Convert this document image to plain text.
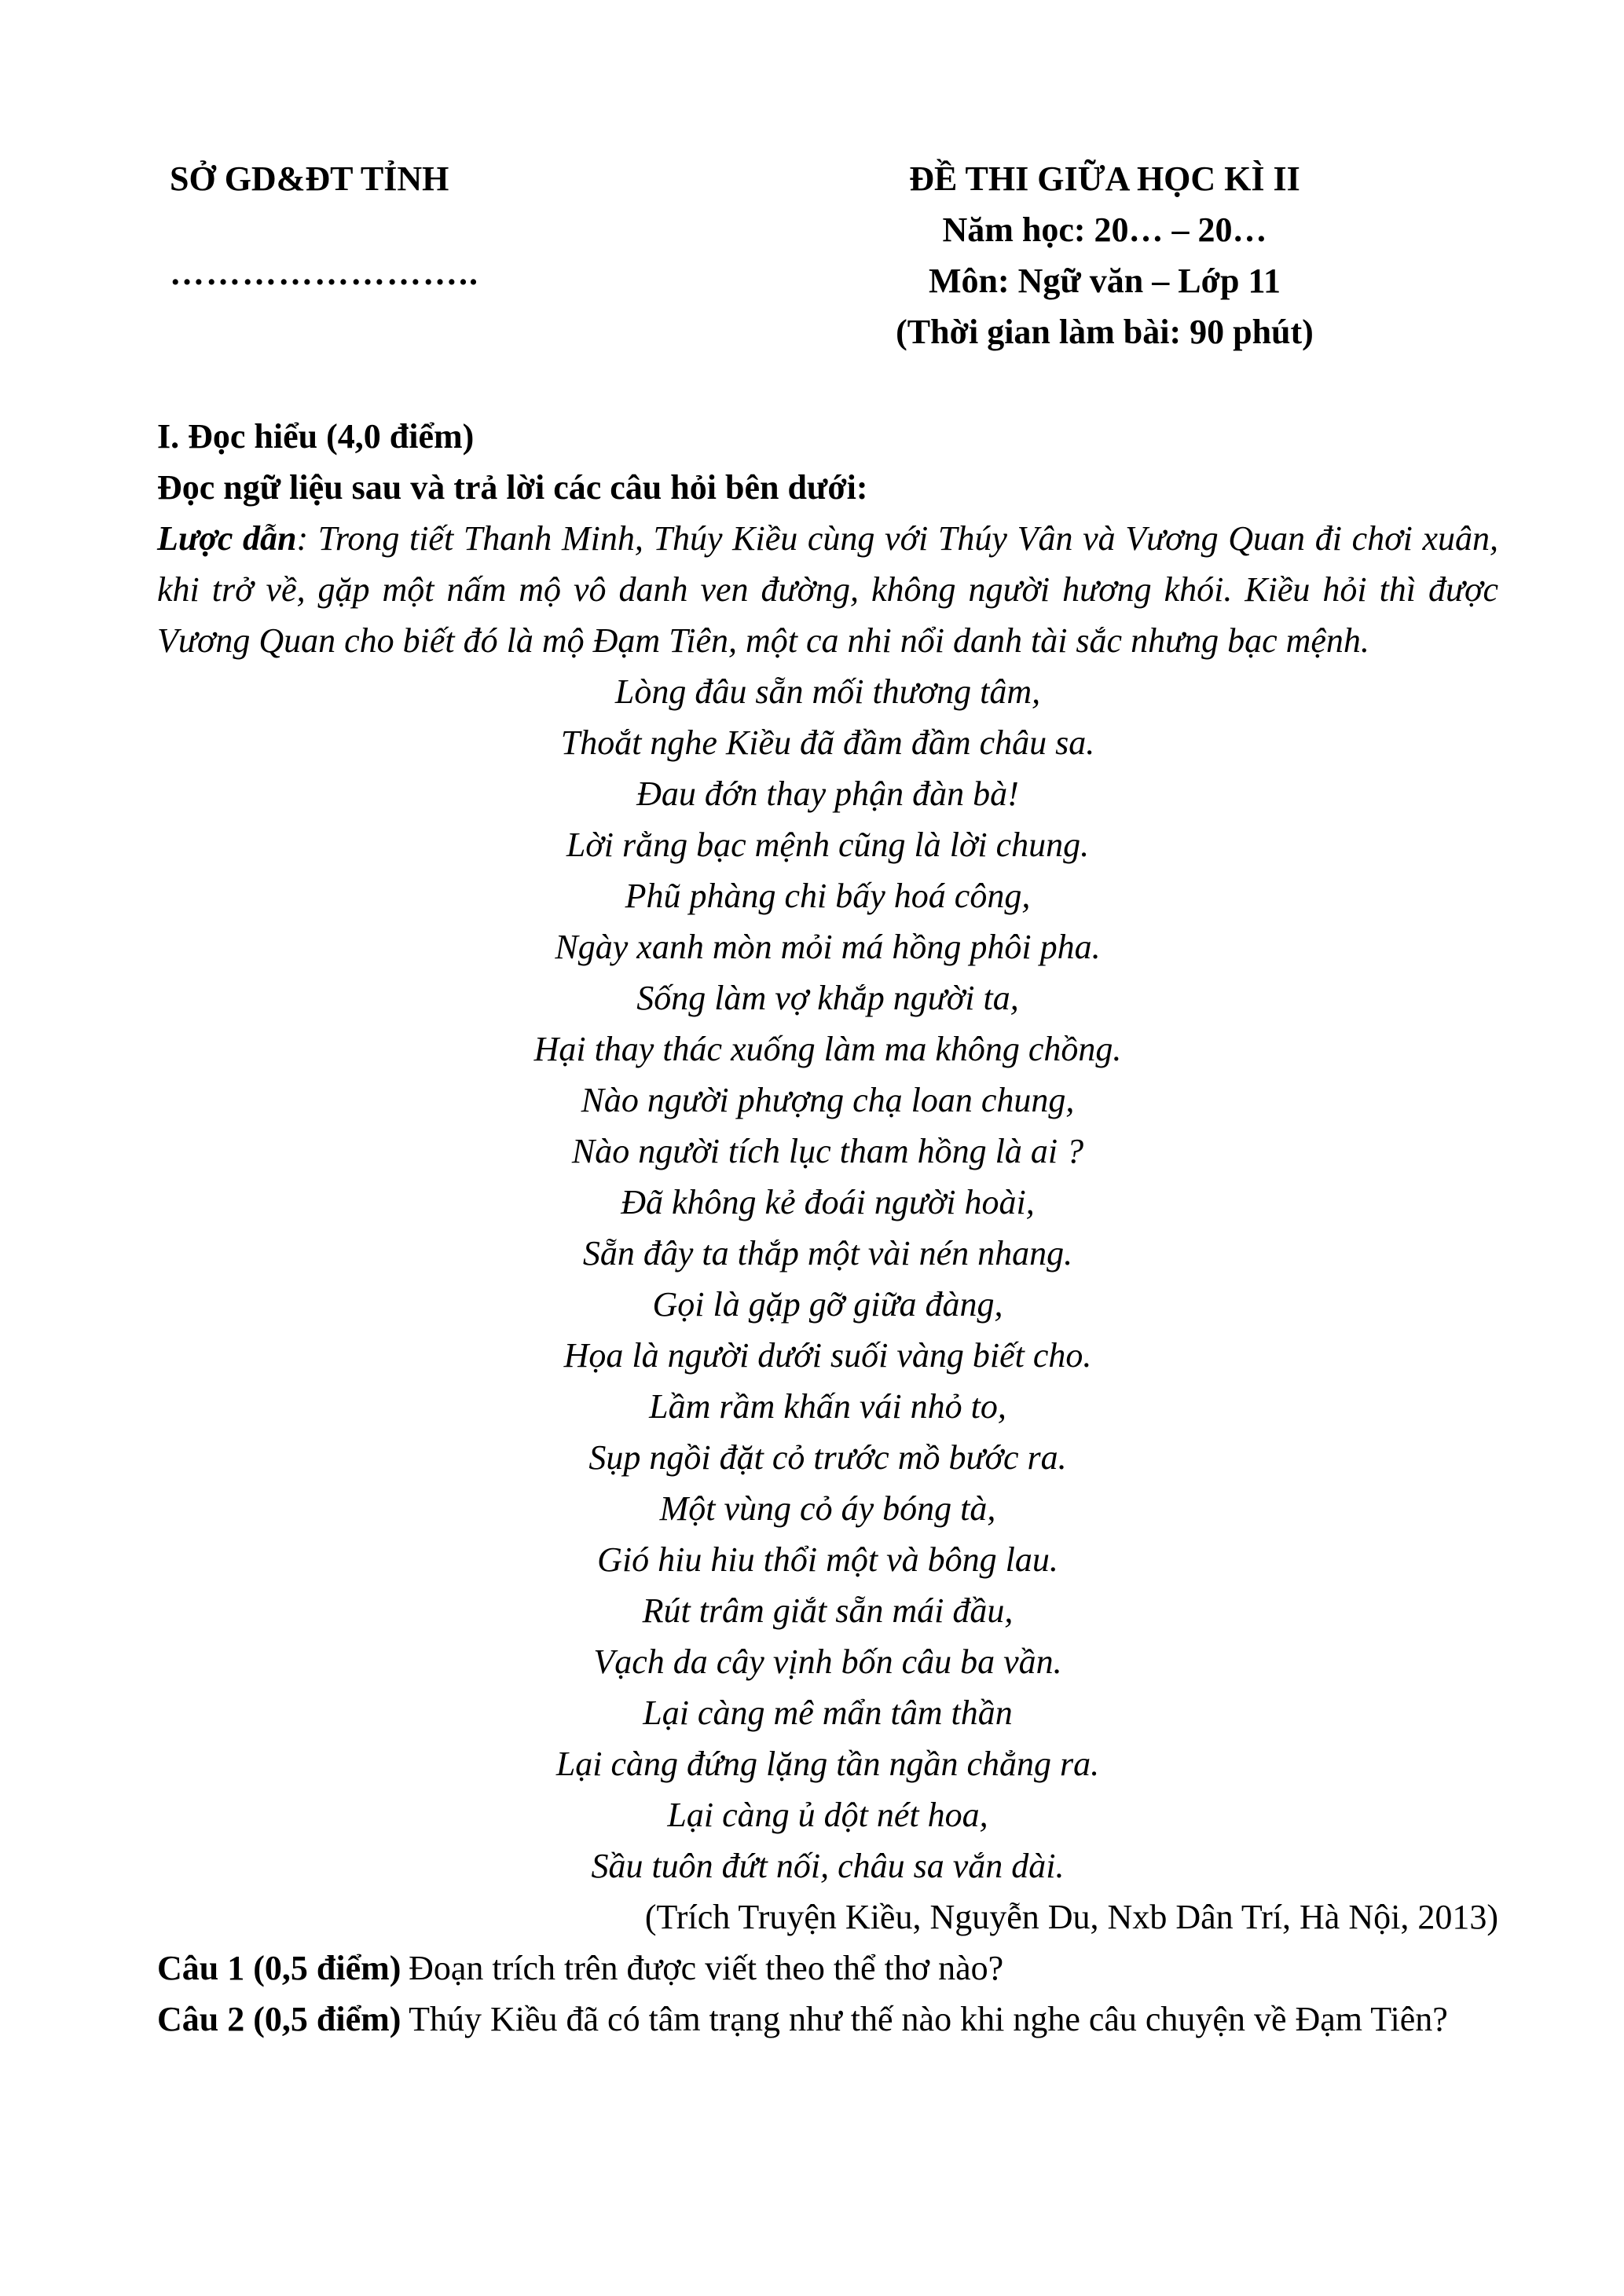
SỞ GD&ĐT TỈNH
……………………..
ĐỀ THI GIỮA HỌC KÌ II
Năm học: 20… – 20…
Môn: Ngữ văn – Lớp 11
(Thời gian làm bài: 90 phút)
I. Đọc hiểu (4,0 điểm)
Đọc ngữ liệu sau và trả lời các câu hỏi bên dưới:

Lược dẫn: Trong tiết Thanh Minh, Thúy Kiều cùng với Thúy Vân và Vương Quan đi chơi xuân, khi trở về, gặp một nấm mộ vô danh ven đường, không người hương khói. Kiều hỏi thì được Vương Quan cho biết đó là mộ Đạm Tiên, một ca nhi nổi danh tài sắc nhưng bạc mệnh.

Lòng đâu sẵn mối thương tâm,
Thoắt nghe Kiều đã đầm đầm châu sa.
Đau đớn thay phận đàn bà!
Lời rằng bạc mệnh cũng là lời chung.
Phũ phàng chi bấy hoá công,
Ngày xanh mòn mỏi má hồng phôi pha.
Sống làm vợ khắp người ta,
Hại thay thác xuống làm ma không chồng.
Nào người phượng chạ loan chung,
Nào người tích lục tham hồng là ai ?
Đã không kẻ đoái người hoài,
Sẵn đây ta thắp một vài nén nhang.
Gọi là gặp gỡ giữa đàng,
Họa là người dưới suối vàng biết cho.
Lầm rầm khấn vái nhỏ to,
Sụp ngồi đặt cỏ trước mồ bước ra.
Một vùng cỏ áy bóng tà,
Gió hiu hiu thổi một và bông lau.
Rút trâm giắt sẵn mái đầu,
Vạch da cây vịnh bốn câu ba vần.
Lại càng mê mẩn tâm thần
Lại càng đứng lặng tần ngần chẳng ra.
Lại càng ủ dột nét hoa,
Sầu tuôn đứt nối, châu sa vắn dài.
(Trích Truyện Kiều, Nguyễn Du, Nxb Dân Trí, Hà Nội, 2013)

Câu 1 (0,5 điểm) Đoạn trích trên được viết theo thể thơ nào?

Câu 2 (0,5 điểm) Thúy Kiều đã có tâm trạng như thế nào khi nghe câu chuyện về Đạm Tiên?
